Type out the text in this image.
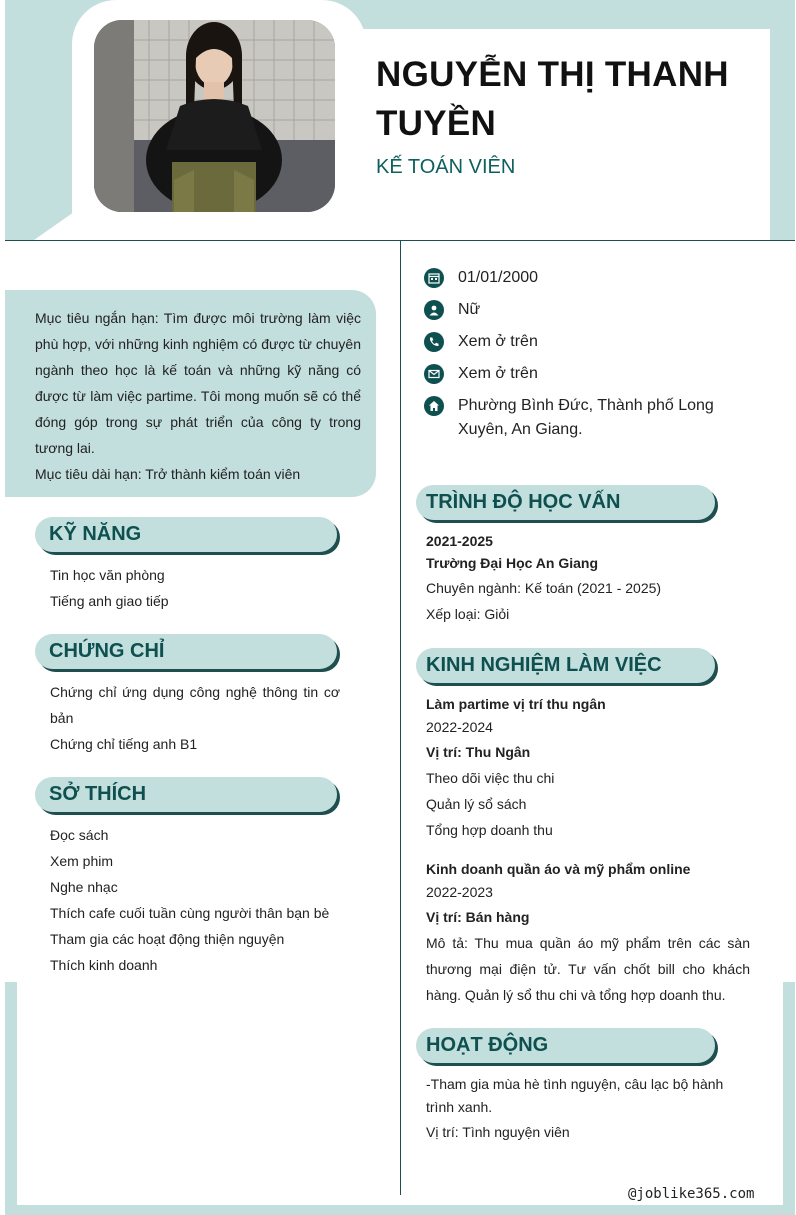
NGUYỄN THỊ THANH TUYỀN
KẾ TOÁN VIÊN

Mục tiêu ngắn hạn: Tìm được môi trường làm việc phù hợp, với những kinh nghiệm có được từ chuyên ngành theo học là kế toán và những kỹ năng có được từ làm việc partime. Tôi mong muốn sẽ có thể đóng góp trong sự phát triển của công ty trong tương lai.

Mục tiêu dài hạn: Trở thành kiểm toán viên

KỸ NĂNG
Tin học văn phòng
Tiếng anh giao tiếp
CHỨNG CHỈ
Chứng chỉ ứng dụng công nghệ thông tin cơ bản
Chứng chỉ tiếng anh B1
SỞ THÍCH
Đọc sách
Xem phim
Nghe nhạc
Thích cafe cuối tuần cùng người thân bạn bè
Tham gia các hoạt động thiện nguyện
Thích kinh doanh
01/01/2000
Nữ
Xem ở trên
Xem ở trên
Phường Bình Đức, Thành phố Long Xuyên, An Giang.
TRÌNH ĐỘ HỌC VẤN
2021-2025
Trường Đại Học An Giang
Chuyên ngành: Kế toán (2021 - 2025)
Xếp loại: Giỏi
KINH NGHIỆM LÀM VIỆC
Làm partime vị trí thu ngân
2022-2024
Vị trí: Thu Ngân
Theo dõi việc thu chi
Quản lý sổ sách
Tổng hợp doanh thu
Kinh doanh quần áo và mỹ phẩm online
2022-2023
Vị trí: Bán hàng
Mô tả: Thu mua quần áo mỹ phẩm trên các sàn thương mại điện tử. Tư vấn chốt bill cho khách hàng. Quản lý sổ thu chi và tổng hợp doanh thu.
HOẠT ĐỘNG
-Tham gia mùa hè tình nguyện, câu lạc bộ hành trình xanh.
Vị trí: Tình nguyện viên
@joblike365.com
